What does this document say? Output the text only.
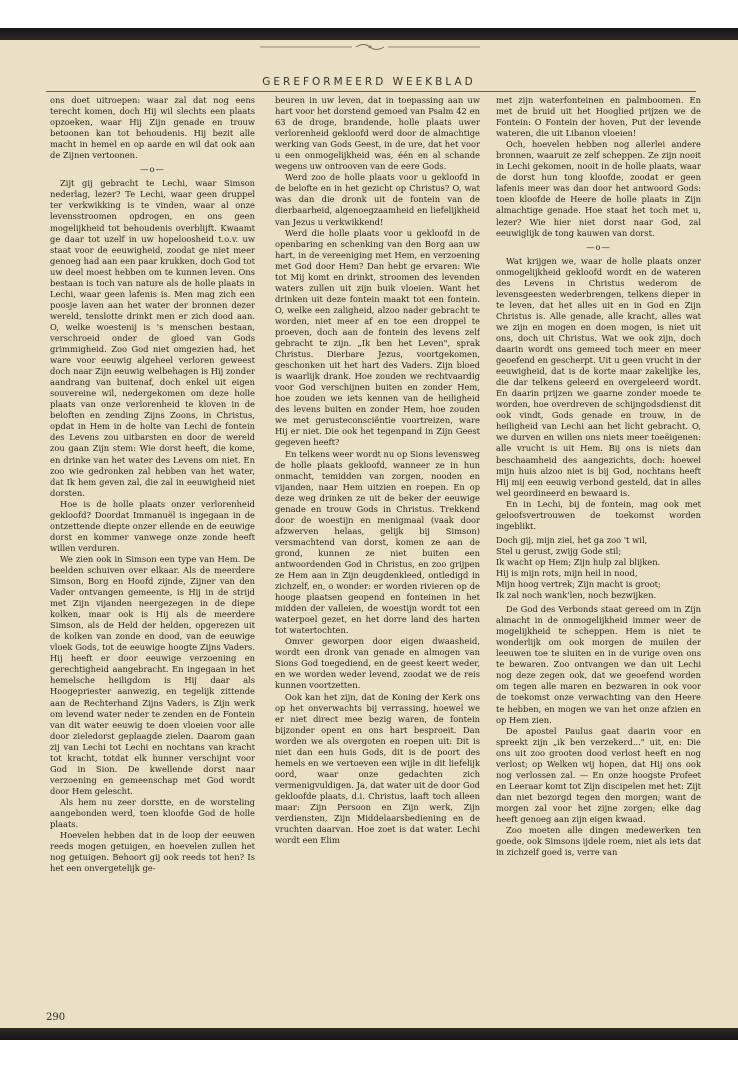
GEREFORMEERD WEEKBLAD

ons doet uitroepen: waar zal dat nog eens terecht komen, doch Hij wil slechts een plaats opzoeken, waar Hij Zijn genade en trouw betoonen kan tot behoudenis. Hij bezit alle macht in hemel en op aarde en wil dat ook aan de Zijnen vertoonen.

—o—

Zijt gij gebracht te Lechi, waar Simson nederlag, lezer? Te Lechi, waar geen druppel ter verkwikking is te vinden, waar al onze levensstroomen opdrogen, en ons geen mogelijkheid tot behoudenis overblijft. Kwaamt ge daar tot uzelf in uw hopeloosheid t.o.v. uw staat voor de eeuwigheid, zoodat ge niet meer genoeg had aan een paar krukken, doch God tot uw deel moest hebben om te kunnen leven. Ons bestaan is toch van nature als de holle plaats in Lechi, waar geen lafenis is. Men mag zich een poosje laven aan het water der bronnen dezer wereld, tenslotte drinkt men er zich dood aan. O, welke woestenij is 's menschen bestaan, verschroeid onder de gloed van Gods grimmigheid. Zoo God niet omgezien had, het ware voor eeuwig algeheel verloren geweest doch naar Zijn eeuwig welbehagen is Hij zonder aandrang van buitenaf, doch enkel uit eigen souvereine wil, nedergekomen om deze holle plaats van onze verlorenheid te kloven in de beloften en zending Zijns Zoons, in Christus, opdat in Hem in de holte van Lechi de fontein des Levens zou uitbarsten en door de wereld zou gaan Zijn stem: Wie dorst heeft, die kome, en drinke van het water des Levens om niet. En zoo wie gedronken zal hebben van het water, dat Ik hem geven zal, die zal in eeuwigheid niet dorsten.

Hoe is de holle plaats onzer verlorenheid gekloofd? Doordat Immanuël is ingegaan in de ontzettende diepte onzer ellende en de eeuwige dorst en kommer vanwege onze zonde heeft willen verduren.

We zien ook in Simson een type van Hem. De beelden schuiven over elkaar. Als de meerdere Simson, Borg en Hoofd zijnde, Zijner van den Vader ontvangen gemeente, is Hij in de strijd met Zijn vijanden neergezegen in de diepe kolken, maar ook is Hij als de meerdere Simson, als de Held der helden, opgerezen uit de kolken van zonde en dood, van de eeuwige vloek Gods, tot de eeuwige hoogte Zijns Vaders. Hij heeft er door eeuwige verzoening en gerechtigheid aangebracht. En ingegaan in het hemelsche heiligdom is Hij daar als Hoogepriester aanwezig, en tegelijk zittende aan de Rechterhand Zijns Vaders, is Zijn werk om levend water neder te zenden en de Fontein van dit water eeuwig te doen vloeien voor alle door zieledorst geplaagde zielen. Daarom gaan zij van Lechi tot Lechi en nochtans van kracht tot kracht, totdat elk hunner verschijnt voor God in Sion. De kwellende dorst naar verzoening en gemeenschap met God wordt door Hem gelescht.

Als hem nu zeer dorstte, en de worsteling aangebonden werd, toen kloofde God de holle plaats.

Hoevelen hebben dat in de loop der eeuwen reeds mogen getuigen, en hoevelen zullen het nog getuigen. Behoort gij ook reeds tot hen? Is het een onvergetelijk ge-

beuren in uw leven, dat in toepassing aan uw hart voor het dorstend gemoed van Psalm 42 en 63 de droge, brandende, holle plaats uwer verlorenheid gekloofd werd door de almachtige werking van Gods Geest, in de ure, dat het voor u een onmogelijkheid was, één en al schande wegens uw ontrooven van de eere Gods.

Werd zoo de holle plaats voor u gekloofd in de belofte en in het gezicht op Christus? O, wat was dan die dronk uit de fontein van de dierbaarheid, algenoegzaamheid en liefelijkheid van Jezus u verkwikkend!

Werd die holle plaats voor u gekloofd in de openbaring en schenking van den Borg aan uw hart, in de vereeniging met Hem, en verzoening met God door Hem? Dan hebt ge ervaren: Wie tot Mij komt en drinkt, stroomen des levenden waters zullen uit zijn buik vloeien. Want het drinken uit deze fontein maakt tot een fontein. O, welke een zaligheid, alzoo nader gebracht te worden, niet meer af en toe een droppel te proeven, doch aan de fontein des levens zelf gebracht te zijn. „Ik ben het Leven", sprak Christus. Dierbare Jezus, voortgekomen, geschonken uit het hart des Vaders. Zijn bloed is waarlijk drank. Hoe zouden we rechtvaardig voor God verschijnen buiten en zonder Hem, hoe zouden we iets kennen van de heiligheid des levens buiten en zonder Hem, hoe zouden we met gerusteconsciëntie voortreizen, ware Hij er niet. Die ook het tegenpand in Zijn Geest gegeven heeft?

En telkens weer wordt nu op Sions levensweg de holle plaats gekloofd, wanneer ze in hun onmacht, temidden van zorgen, nooden en vijanden, naar Hem uitzien en roepen. En op deze weg drinken ze uit de beker der eeuwige genade en trouw Gods in Christus. Trekkend door de woestijn en menigmaal (vaak door afzwerven helaas, gelijk bij Simson) versmachtend van dorst, komen ze aan de grond, kunnen ze niet buiten een antwoordenden God in Christus, en zoo grijpen ze Hem aan in Zijn deugdenkleed, ontledigd in zichzelf, en, o wonder: er worden rivieren op de hooge plaatsen geopend en fonteinen in het midden der valleien, de woestijn wordt tot een waterpoel gezet, en het dorre land des harten tot watertochten.

Omver geworpen door eigen dwaasheid, wordt een dronk van genade en almogen van Sions God toegediend, en de geest keert weder, en we worden weder levend, zoodat we de reis kunnen voortzetten.

Ook kan het zijn, dat de Koning der Kerk ons op het onverwachts bij verrassing, hoewel we er niet direct mee bezig waren, de fontein bijzonder opent en ons hart besproeit. Dan worden we als overgoten en roepen uit: Dit is niet dan een huis Gods, dit is de poort des hemels en we vertoeven een wijle in dit liefelijk oord, waar onze gedachten zich vermenigvuldigen. Ja, dat water uit de door God gekloofde plaats, d.i. Christus, laaft toch alleen maar: Zijn Persoon en Zijn werk, Zijn verdiensten, Zijn Middelaarsbediening en de vruchten daarvan. Hoe zoet is dat water. Lechi wordt een Elim

met zijn waterfonteinen en palmboomen. En met de bruid uit het Hooglied prijzen we de Fontein: O Fontein der hoven, Put der levende wateren, die uit Libanon vloeien!

Och, hoevelen hebben nog allerlei andere bronnen, waaruit ze zelf scheppen. Ze zijn nooit in Lechi gekomen, nooit in de holle plaats, waar de dorst hun tong kloofde, zoodat er geen lafenis meer was dan door het antwoord Gods: toen kloofde de Heere de holle plaats in Zijn almachtige genade. Hoe staat het toch met u, lezer? Wie hier niet dorst naar God, zal eeuwiglijk de tong kauwen van dorst.

—o—

Wat krijgen we, waar de holle plaats onzer onmogelijkheid gekloofd wordt en de wateren des Levens in Christus wederom de levensgeesten wederbrengen, telkens dieper in te leven, dat het alles uit en in God en Zijn Christus is. Alle genade, alle kracht, alles wat we zijn en mogen en doen mogen, is niet uit ons, doch uit Christus. Wat we ook zijn, doch daarin wordt ons gemeed toch meer en meer geoefend en gescherpt. Uit u geen vrucht in der eeuwigheid, dat is de korte maar zakelijke les, die dar telkens geleerd en overgeleerd wordt. En daarin prijzen we gaarne zonder moede te worden, hoe overdreven de schijngodsdienst dit ook vindt, Gods genade en trouw, in de heiligheid van Lechi aan het licht gebracht. O, we durven en willen ons niets meer toeëigenen: alle vrucht is uit Hem. Bij ons is niets dan beschaamheid des aangezichts, doch: hoewel mijn huis alzoo niet is bij God, nochtans heeft Hij mij een eeuwig verbond gesteld, dat in alles wel geordineerd en bewaard is.

En in Lechi, bij de fontein, mag ook met geloofsvertrouwen de toekomst worden ingeblikt.

Doch gij, mijn ziel, het ga zoo 't wil,
Stel u gerust, zwijg Gode stil;
Ik wacht op Hem; Zijn hulp zal blijken.
Hij is mijn rots, mijn heil in nood,
Mijn hoog vertrek; Zijn macht is groot;
Ik zal noch wank'len, noch bezwijken.

De God des Verbonds staat gereed om in Zijn almacht in de onmogelijkheid immer weer de mogelijkheid te scheppen. Hem is niet te wonderlijk om ook morgen de muilen der leeuwen toe te sluiten en in de vurige oven ons te bewaren. Zoo ontvangen we dan uit Lechi nog deze zegen ook, dat we geoefend worden om tegen alle maren en bezwaren in ook voor de toekomst onze verwachting van den Heere te hebben, en mogen we van het onze afzien en op Hem zien.

De apostel Paulus gaat daarin voor en spreekt zijn „ik ben verzekerd..." uit, en: Die ons uit zoo grooten dood verlost heeft en nog verlost; op Welken wij hopen, dat Hij ons ook nog verlossen zal. — En onze hoogste Profeet en Leeraar komt tot Zijn discipelen met het: Zijt dan niet bezorgd tegen den morgen; want de morgen zal voor het zijne zorgen; elke dag heeft genoeg aan zijn eigen kwaad.

Zoo moeten alle dingen medewerken ten goede, ook Simsons ijdele roem, niet als iets dat in zichzelf goed is, verre van

290
